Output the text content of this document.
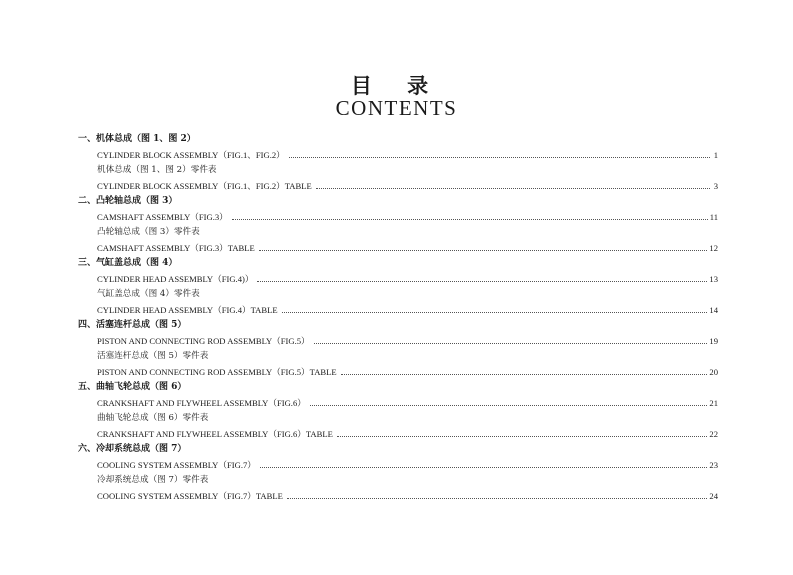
目 录
CONTENTS
一、机体总成（图 1、图 2）
CYLINDER BLOCK ASSEMBLY（FIG.1、FIG.2）	1
机体总成（图 1、图 2）零件表
CYLINDER BLOCK ASSEMBLY（FIG.1、FIG.2）TABLE	3
二、凸轮轴总成（图 3）
CAMSHAFT ASSEMBLY（FIG.3）	11
凸轮轴总成（图 3）零件表
CAMSHAFT ASSEMBLY（FIG.3）TABLE	12
三、气缸盖总成（图 4）
CYLINDER HEAD ASSEMBLY（FIG.4)）	13
气缸盖总成（图 4）零件表
CYLINDER HEAD ASSEMBLY（FIG.4）TABLE	14
四、活塞连杆总成（图 5）
PISTON AND CONNECTING ROD ASSEMBLY（FIG.5）	19
活塞连杆总成（图 5）零件表
PISTON AND CONNECTING ROD ASSEMBLY（FIG.5）TABLE	20
五、曲轴飞轮总成（图 6）
CRANKSHAFT AND FLYWHEEL ASSEMBLY（FIG.6）	21
曲轴飞轮总成（图 6）零件表
CRANKSHAFT AND FLYWHEEL ASSEMBLY（FIG.6）TABLE	22
六、冷却系统总成（图 7）
COOLING SYSTEM ASSEMBLY（FIG.7）	23
冷却系统总成（图 7）零件表
COOLING SYSTEM ASSEMBLY（FIG.7）TABLE	24
